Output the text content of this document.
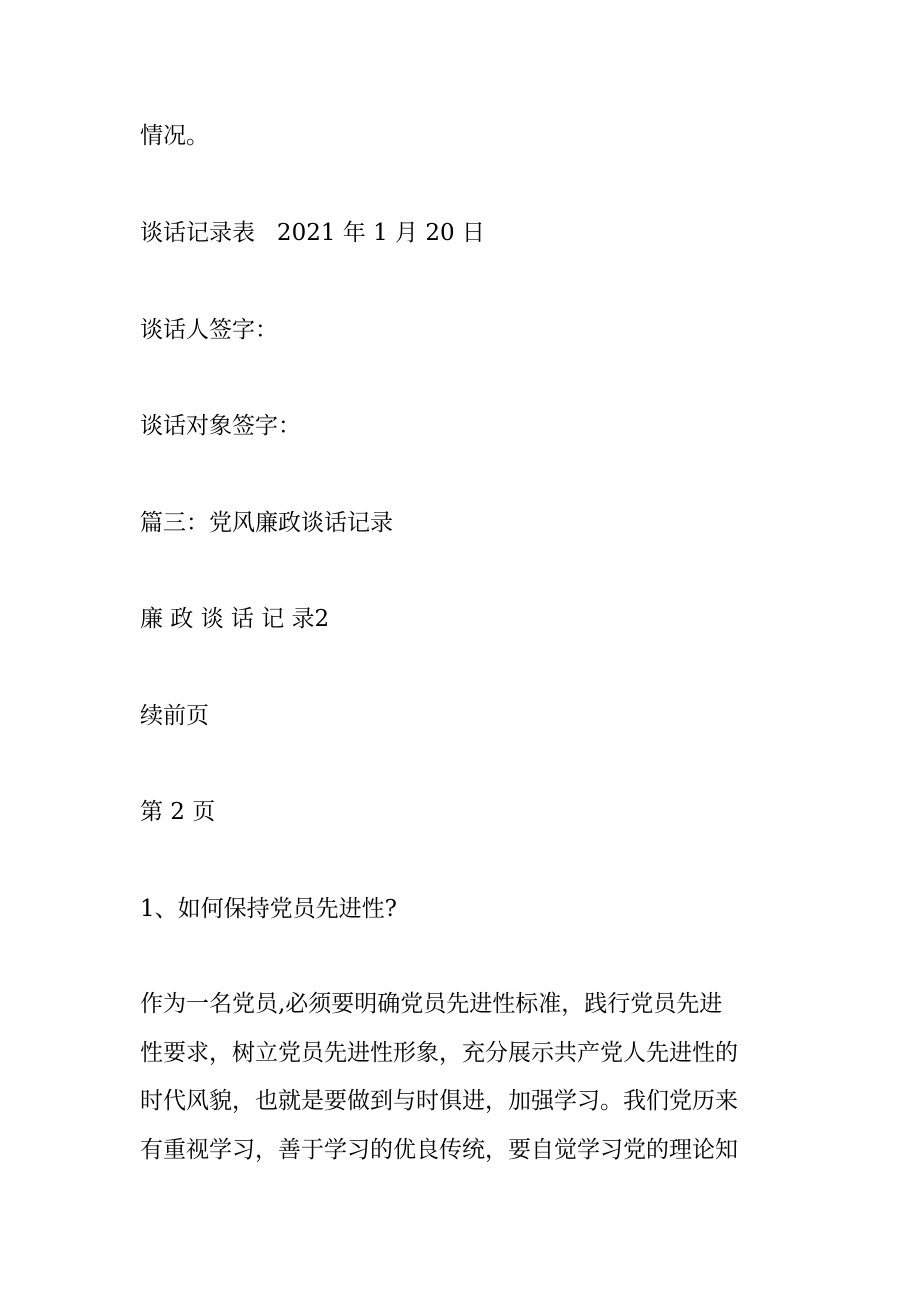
情况。

谈话记录表   2021 年 1 月 20 日

谈话人签字：

谈话对象签字：

篇三：党风廉政谈话记录

廉 政 谈 话 记 录2

续前页

第 2 页

1、如何保持党员先进性?

作为一名党员,必须要明确党员先进性标准，践行党员先进
性要求，树立党员先进性形象，充分展示共产党人先进性的
时代风貌，也就是要做到与时俱进，加强学习。我们党历来
有重视学习，善于学习的优良传统，要自觉学习党的理论知
